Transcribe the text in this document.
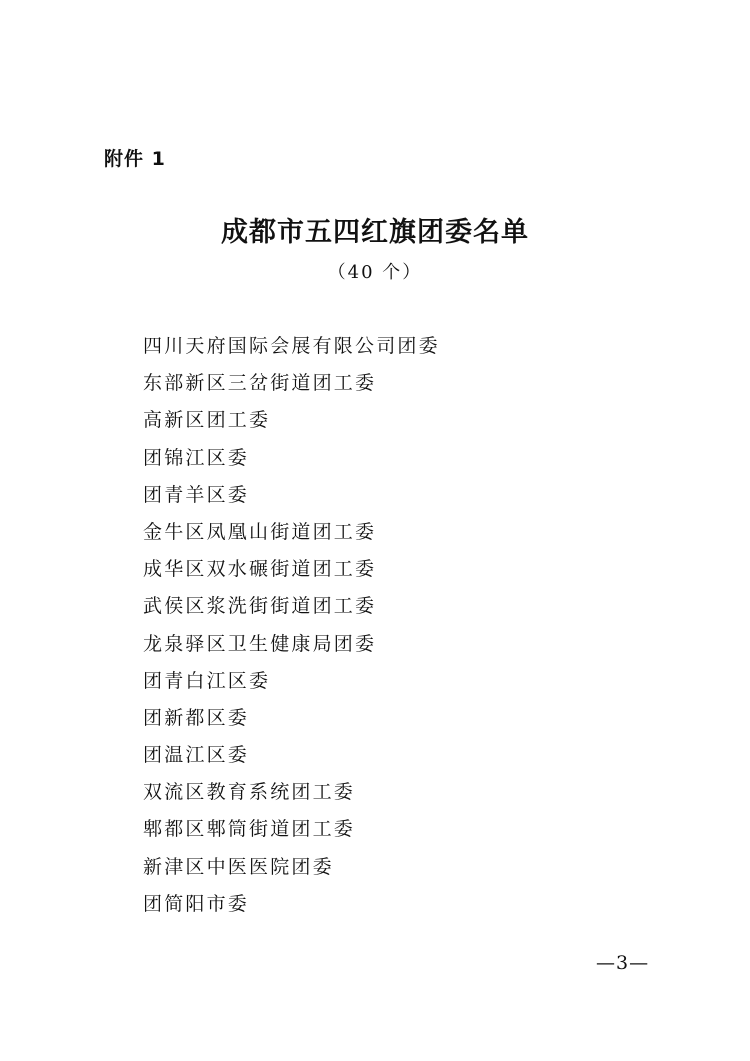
附件 1
成都市五四红旗团委名单
（40 个）
四川天府国际会展有限公司团委
东部新区三岔街道团工委
高新区团工委
团锦江区委
团青羊区委
金牛区凤凰山街道团工委
成华区双水碾街道团工委
武侯区浆洗街街道团工委
龙泉驿区卫生健康局团委
团青白江区委
团新都区委
团温江区委
双流区教育系统团工委
郫都区郫筒街道团工委
新津区中医医院团委
团简阳市委
—3—
